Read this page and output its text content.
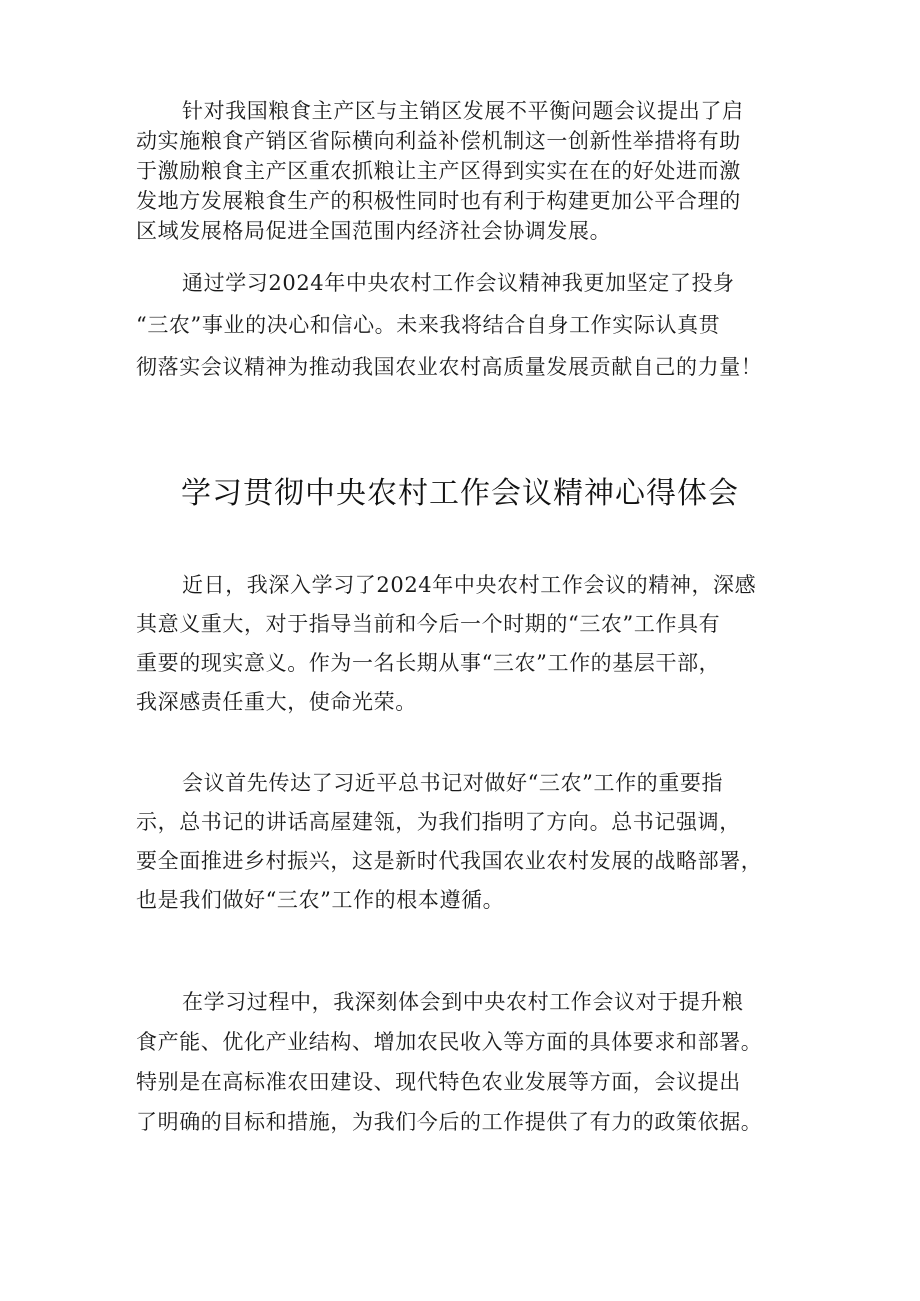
针对我国粮食主产区与主销区发展不平衡问题会议提出了启
动实施粮食产销区省际横向利益补偿机制这一创新性举措将有助
于激励粮食主产区重农抓粮让主产区得到实实在在的好处进而激
发地方发展粮食生产的积极性同时也有利于构建更加公平合理的
区域发展格局促进全国范围内经济社会协调发展。
通过学习2024年中央农村工作会议精神我更加坚定了投身
“三农”事业的决心和信心。未来我将结合自身工作实际认真贯
彻落实会议精神为推动我国农业农村高质量发展贡献自己的力量！
学习贯彻中央农村工作会议精神心得体会
近日，我深入学习了2024年中央农村工作会议的精神，深感
其意义重大，对于指导当前和今后一个时期的“三农”工作具有
重要的现实意义。作为一名长期从事“三农”工作的基层干部，
我深感责任重大，使命光荣。
会议首先传达了习近平总书记对做好“三农”工作的重要指
示，总书记的讲话高屋建瓴，为我们指明了方向。总书记强调，
要全面推进乡村振兴，这是新时代我国农业农村发展的战略部署，
也是我们做好“三农”工作的根本遵循。
在学习过程中，我深刻体会到中央农村工作会议对于提升粮
食产能、优化产业结构、增加农民收入等方面的具体要求和部署。
特别是在高标准农田建设、现代特色农业发展等方面，会议提出
了明确的目标和措施，为我们今后的工作提供了有力的政策依据。
